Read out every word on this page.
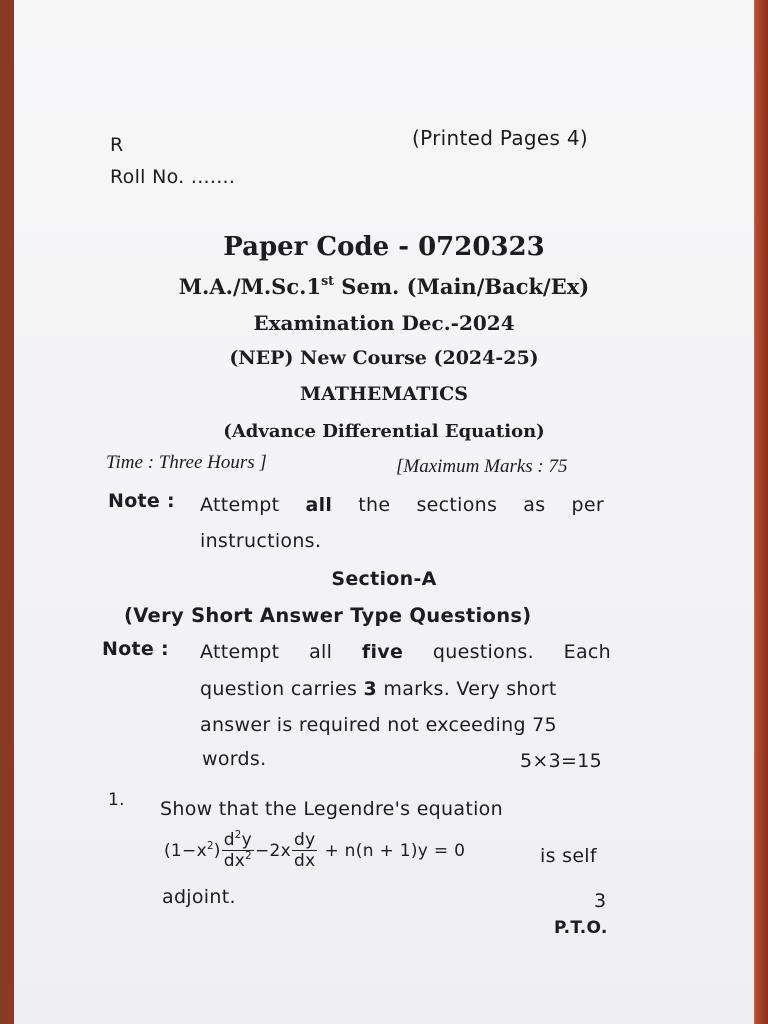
R	(Printed Pages 4)
Roll No. .......
Paper Code - 0720323
M.A./M.Sc.1st Sem. (Main/Back/Ex)
Examination Dec.-2024
(NEP) New Course (2024-25)
MATHEMATICS
(Advance Differential Equation)
Time : Three Hours ]	[Maximum Marks : 75
Note : Attempt all the sections as per
instructions.
Section-A
(Very Short Answer Type Questions)
Note : Attempt all five questions. Each
question carries 3 marks. Very short
answer is required not exceeding 75
words.	5×3=15
1. Show that the Legendre's equation
$(1-x^2) \frac{d^2y}{dx^2} -2x \frac{dy}{dx} + n(n + 1)y = 0$	is self
adjoint.	3
P.T.O.
